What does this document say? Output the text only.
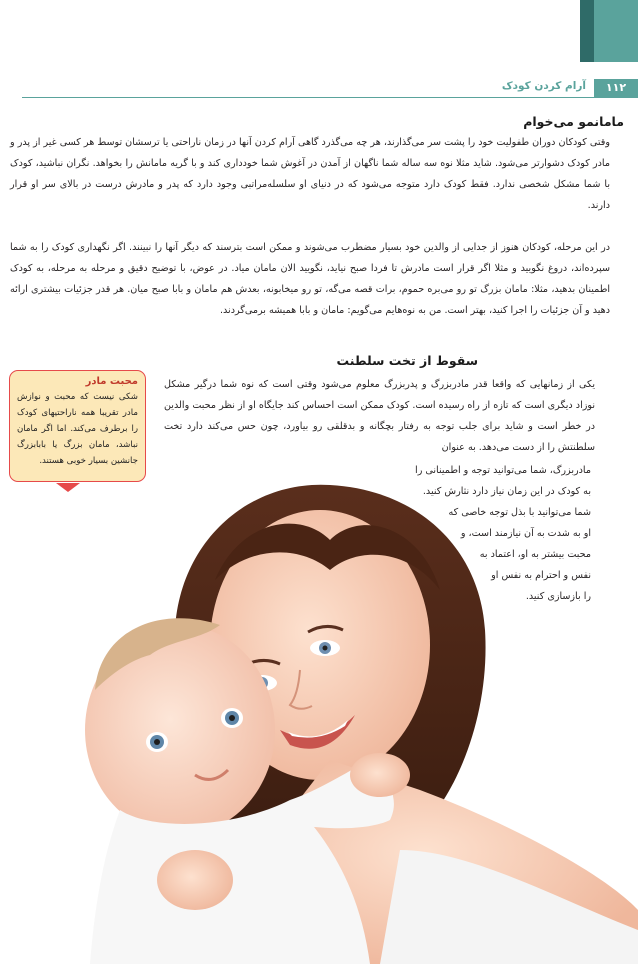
۱۱۲
آرام کردن کودک
مامانمو می‌خوام
وقتی کودکان دوران طفولیت خود را پشت سر می‌گذارند، هر چه می‌گذرد گاهی آرام کردن آنها در زمان ناراحتی یا ترسشان توسط هر کسی غیر از پدر و مادر کودک دشوارتر می‌شود. شاید مثلا نوه سه ساله شما ناگهان از آمدن در آغوش شما خودداری کند و با گریه مامانش را بخواهد. نگران نباشید، کودک با شما مشکل شخصی ندارد. فقط کودک دارد متوجه می‌شود که در دنیای او سلسله‌مراتبی وجود دارد که پدر و مادرش درست در بالای سر او قرار دارند.
در این مرحله، کودکان هنوز از جدایی از والدین خود بسیار مضطرب می‌شوند و ممکن است بترسند که دیگر آنها را نبینند. اگر نگهداری کودک را به شما سپرده‌اند، دروغ نگویید و مثلا اگر قرار است مادرش تا فردا صبح نیاید، نگویید الان مامان میاد. در عوض، با توضیح دقیق و مرحله به مرحله، به کودک اطمینان بدهید، مثلا: مامان بزرگ تو رو می‌بره حموم، برات قصه می‌گه، تو رو میخابونه، بعدش هم مامان و بابا صبح میان. هر قدر جزئیات بیشتری ارائه دهید و آن جزئیات را اجرا کنید، بهتر است. من به نوه‌هایم می‌گویم: مامان و بابا همیشه برمی‌گردند.
سقوط از تخت سلطنت
یکی از زمانهایی که واقعا قدر مادربزرگ و پدربزرگ معلوم می‌شود وقتی است که نوه شما درگیر مشکل نوزاد دیگری است که تازه از راه رسیده است. کودک ممکن است احساس کند جایگاه او از نظر محبت والدین در خطر است و شاید برای جلب توجه به رفتار بچگانه و بدقلقی رو بیاورد، چون حس می‌کند دارد تخت سلطنتش را از دست می‌دهد. به عنوان
مادربزرگ، شما می‌توانید توجه و اطمینانی را
به کودک در این زمان نیاز دارد نثارش کنید.
شما می‌توانید با بذل توجه خاصی که
او به شدت به آن نیازمند است، و
محبت بیشتر به او، اعتماد به
نفس و احترام به نفس او
را بازسازی کنید.
محبت مادر
شکی نیست که محبت و نوازش مادر تقریبا همه ناراحتیهای کودک را برطرف می‌کند. اما اگر مامان نباشد، مامان بزرگ یا بابابزرگ جانشین بسیار خوبی هستند.
